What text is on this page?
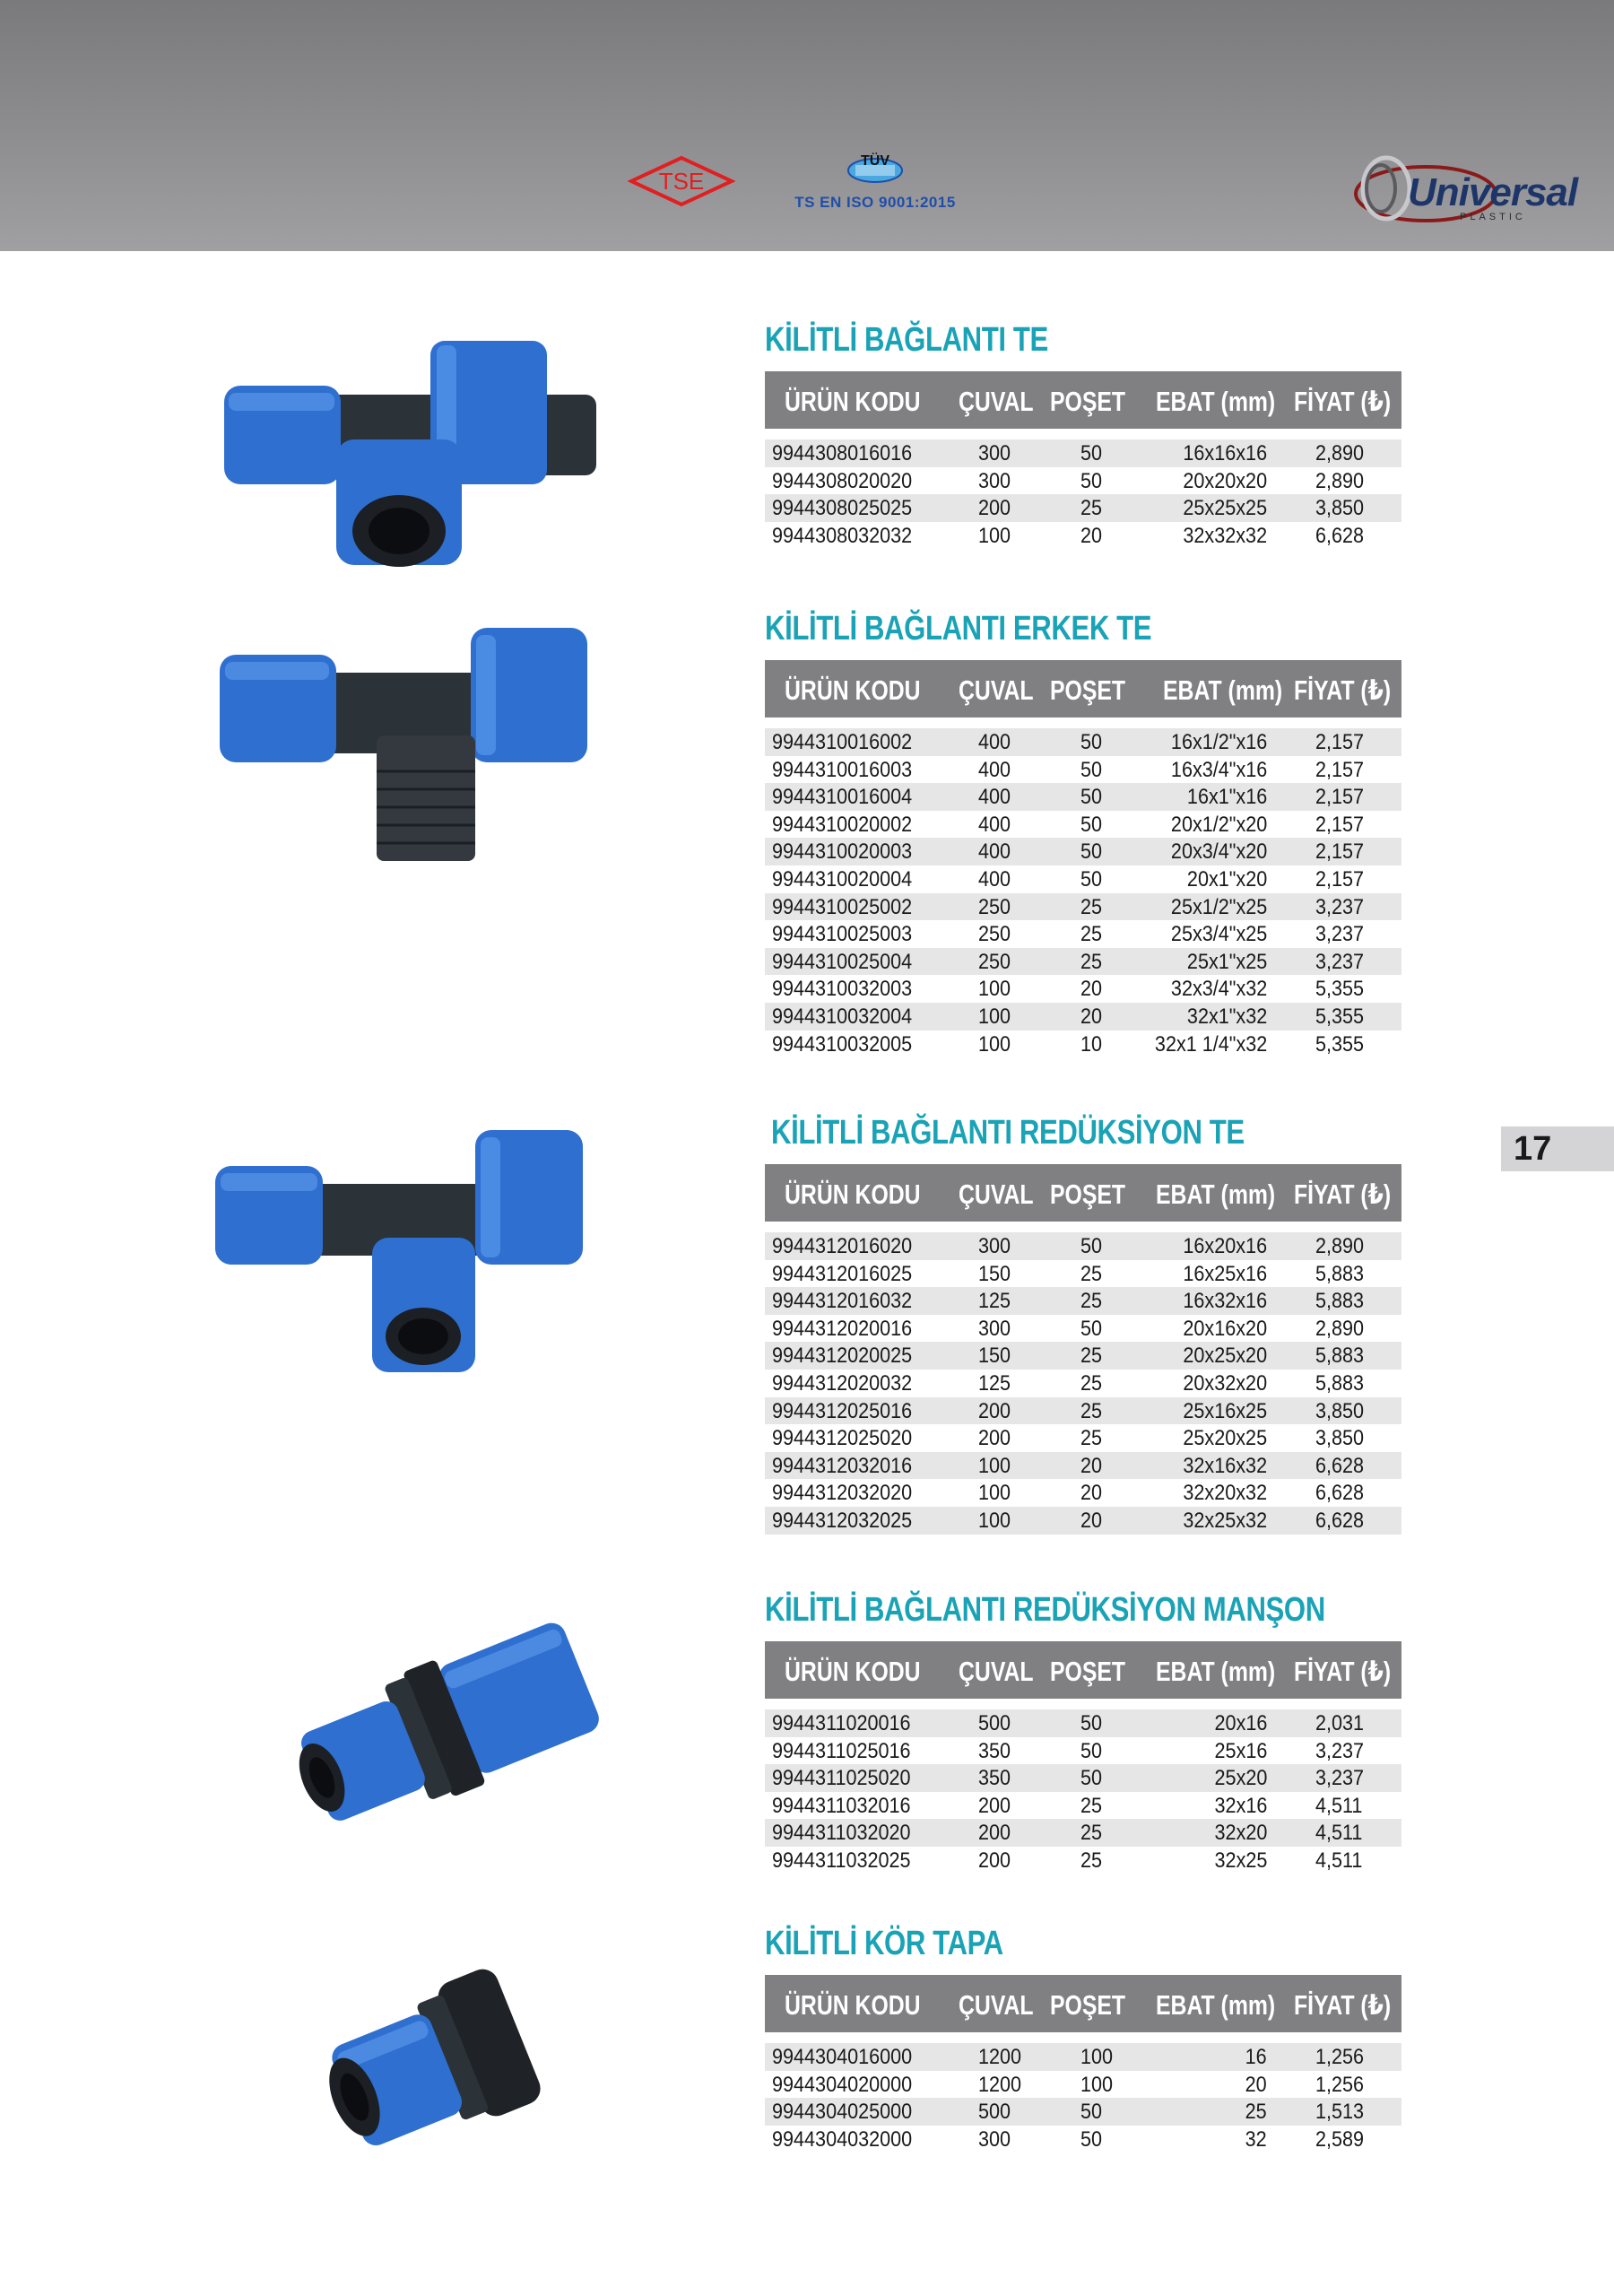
TSE
TÜV
TS EN ISO 9001:2015	Universal
PLASTIC
KİLİTLİ BAĞLANTI TE
ÜRÜN KODU ÇUVAL POŞET EBAT (mm) FİYAT (₺)
9944308016016	300	50	16x16x16 2,890
9944308020020	300	50	20x20x20 2,890
9944308025025	200	25	25x25x25 3,850
9944308032032	100	20	32x32x32 6,628
KİLİTLİ BAĞLANTI ERKEK TE
ÜRÜN KODU ÇUVAL POŞET EBAT (mm) FİYAT (₺)
9944310016002	400	50	16x1/2"x16 2,157
9944310016003	400	50	16x3/4"x16 2,157
9944310016004	400	50	16x1"x16 2,157
9944310020002	400	50	20x1/2"x20 2,157
9944310020003	400	50	20x3/4"x20 2,157
9944310020004	400	50	20x1"x20 2,157
9944310025002	250	25	25x1/2"x25 3,237
9944310025003	250	25	25x3/4"x25 3,237
9944310025004	250	25	25x1"x25 3,237
9944310032003	100	20	32x3/4"x32 5,355
9944310032004	100	20	32x1"x32 5,355
9944310032005	100	10 32x1 1/4"x32 5,355
KİLİTLİ BAĞLANTI REDÜKSİYON TE
ÜRÜN KODU ÇUVAL POŞET EBAT (mm) FİYAT (₺)
9944312016020	300	50	16x20x16 2,890
9944312016025	150	25	16x25x16 5,883
9944312016032	125	25	16x32x16 5,883
9944312020016	300	50	20x16x20 2,890
9944312020025	150	25	20x25x20 5,883
9944312020032	125	25	20x32x20 5,883
9944312025016	200	25	25x16x25 3,850
9944312025020	200	25	25x20x25 3,850
9944312032016	100	20	32x16x32 6,628
9944312032020	100	20	32x20x32 6,628
9944312032025	100	20	32x25x32 6,628
17
KİLİTLİ BAĞLANTI REDÜKSİYON MANŞON
ÜRÜN KODU ÇUVAL POŞET EBAT (mm) FİYAT (₺)
9944311020016	500	50	20x16 2,031
9944311025016	350	50	25x16 3,237
9944311025020	350	50	25x20 3,237
9944311032016	200	25	32x16 4,511
9944311032020	200	25	32x20 4,511
9944311032025	200	25	32x25 4,511
KİLİTLİ KÖR TAPA
ÜRÜN KODU ÇUVAL POŞET EBAT (mm) FİYAT (₺)
9944304016000	1200	100	16 1,256
9944304020000	1200	100	20 1,256
9944304025000	500	50	25 1,513
9944304032000	300	50	32 2,589
